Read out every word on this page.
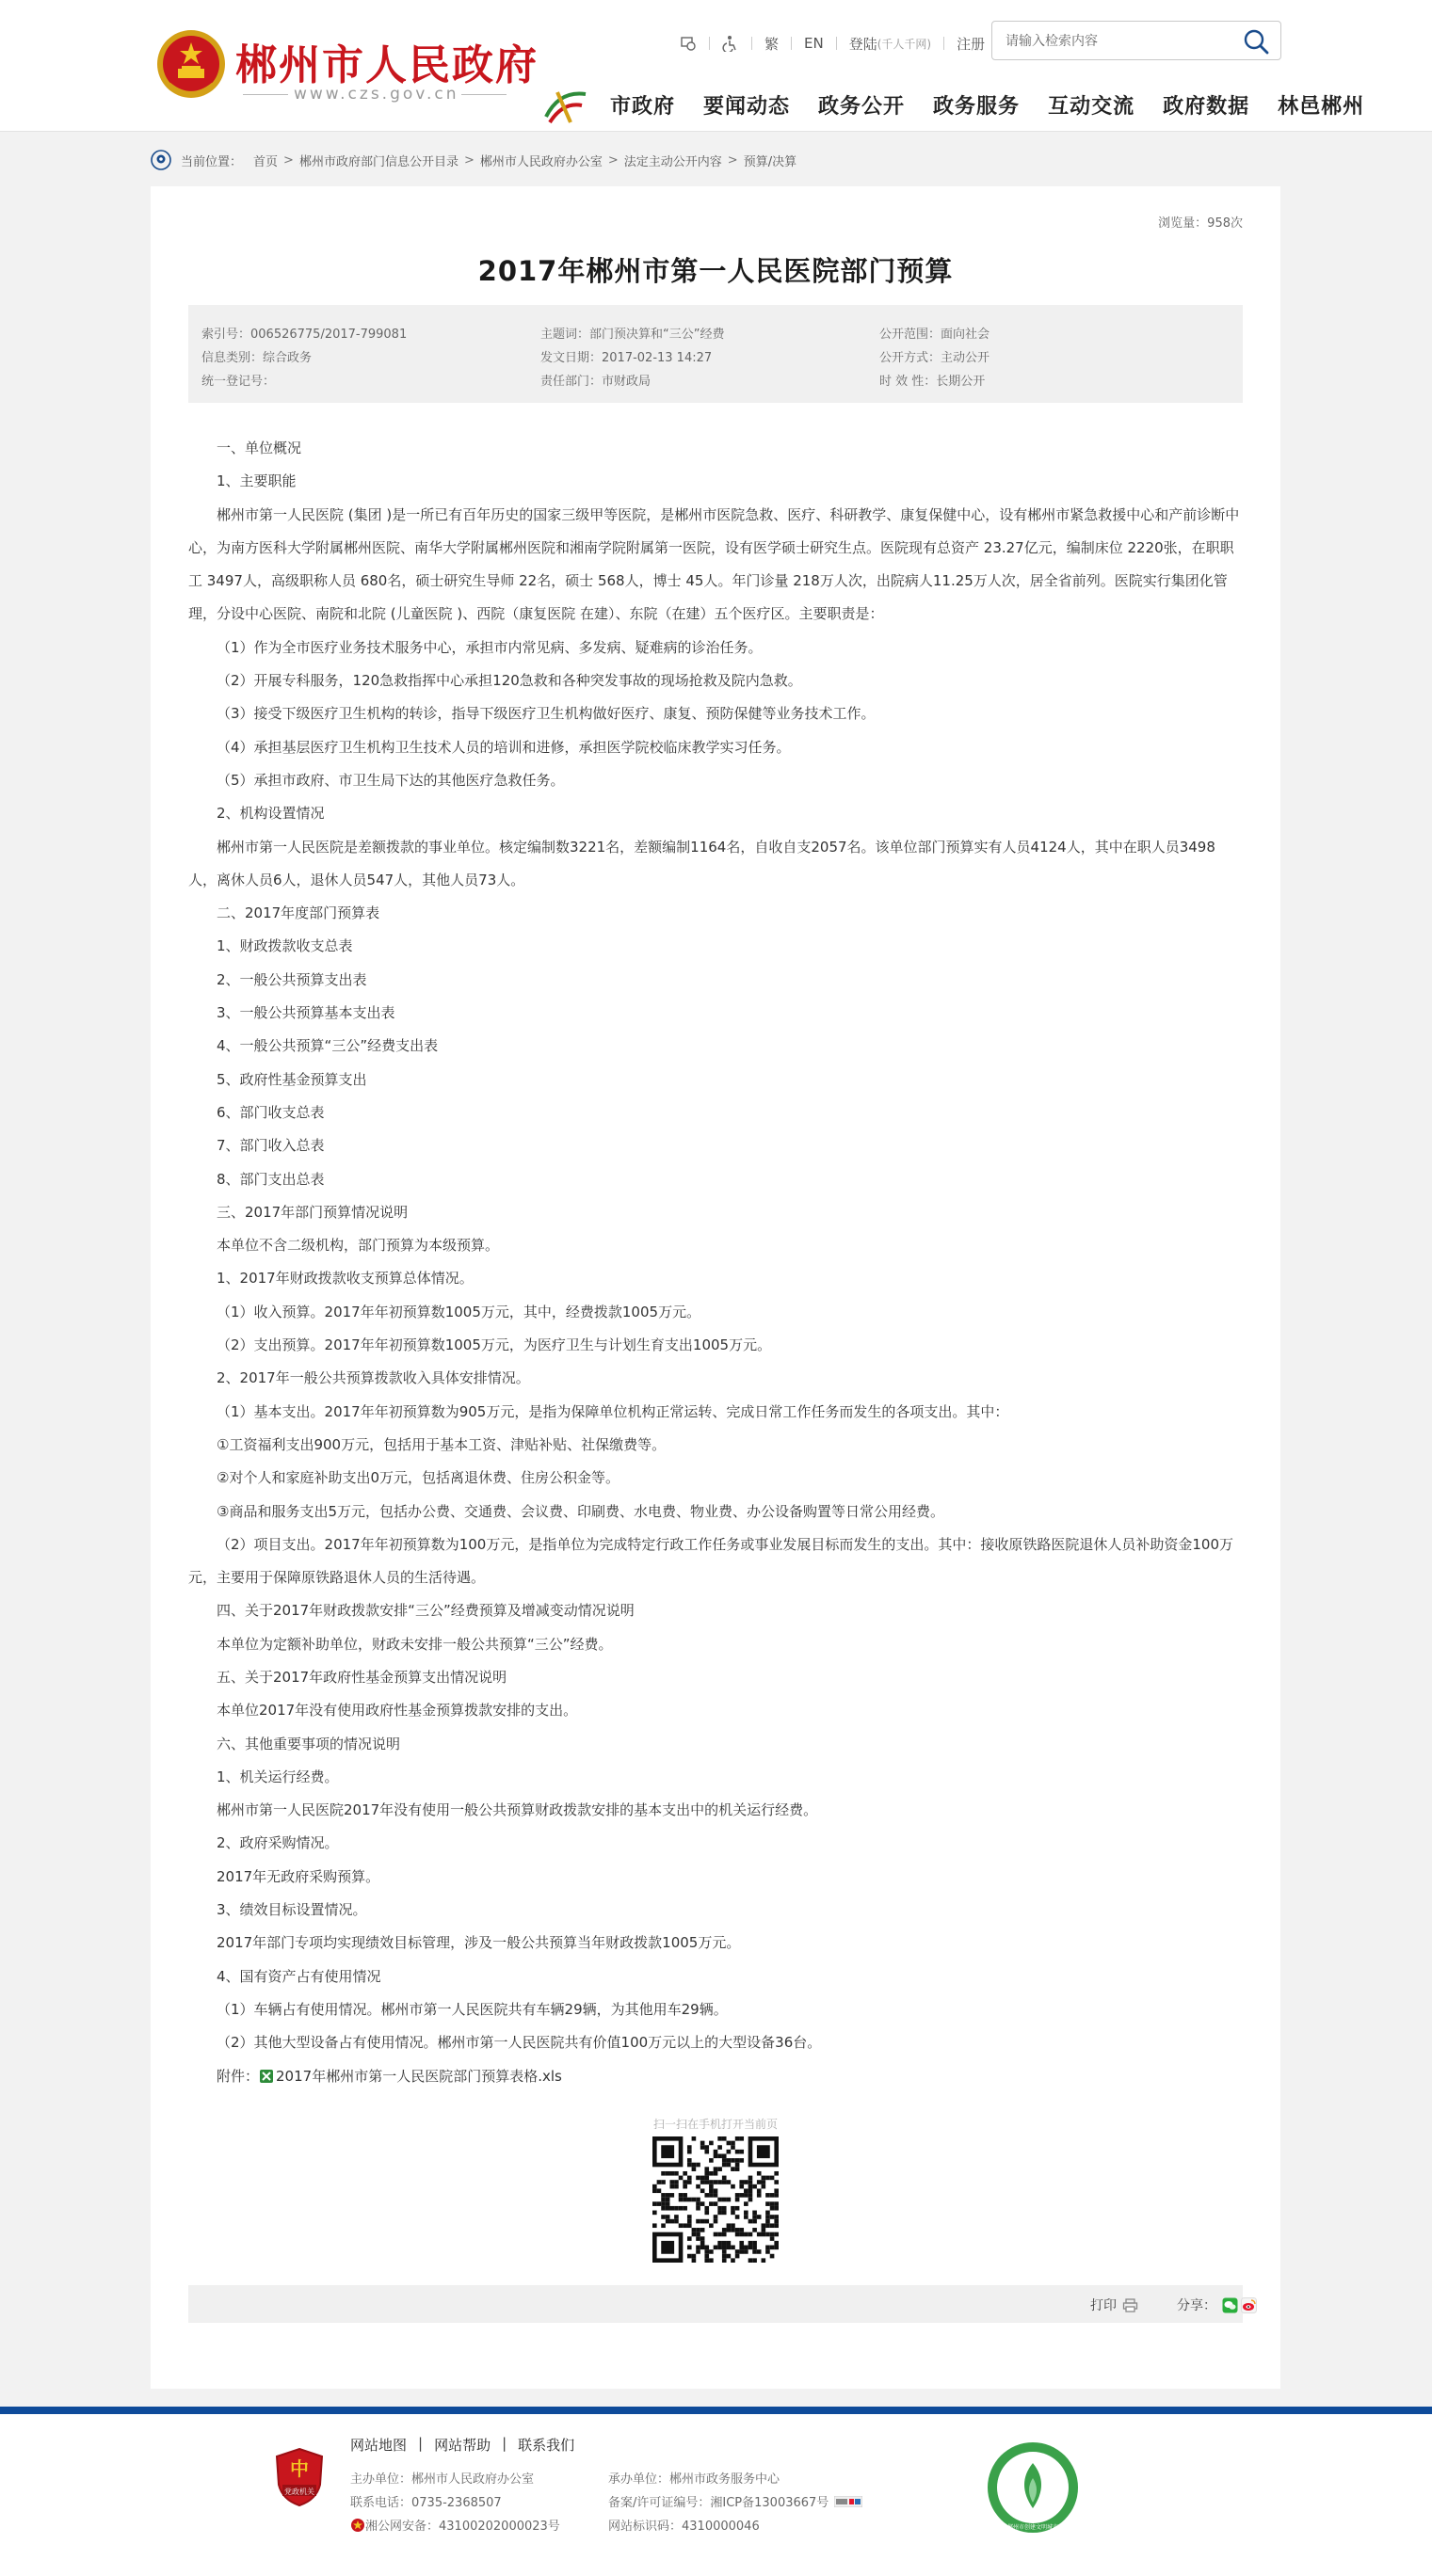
郴州市人民政府
www.czs.gov.cn
繁 EN 登陆 (千人千网) 注册
请输入检索内容
市政府 要闻动态 政务公开 政务服务 互动交流 政府数据 林邑郴州
当前位置： 首页 > 郴州市政府部门信息公开目录 > 郴州市人民政府办公室 > 法定主动公开内容 > 预算/决算
浏览量：958次
2017年郴州市第一人民医院部门预算
索引号：006526775/2017-799081
信息类别：综合政务
统一登记号：
主题词：部门预决算和“三公”经费
发文日期：2017-02-13 14:27
责任部门：市财政局
公开范围：面向社会
公开方式：主动公开
时 效 性：长期公开

一、单位概况

1、主要职能

郴州市第一人民医院 (集团 )是一所已有百年历史的国家三级甲等医院，是郴州市医院急救、医疗、科研教学、康复保健中心，设有郴州市紧急救援中心和产前诊断中心，为南方医科大学附属郴州医院、南华大学附属郴州医院和湘南学院附属第一医院，设有医学硕士研究生点。医院现有总资产 23.27亿元，编制床位 2220张，在职职工 3497人，高级职称人员 680名，硕士研究生导师 22名，硕士 568人，博士 45人。年门诊量 218万人次，出院病人11.25万人次，居全省前列。医院实行集团化管理，分设中心医院、南院和北院 (儿童医院 )、西院（康复医院 在建）、东院（在建）五个医疗区。主要职责是：

（1）作为全市医疗业务技术服务中心，承担市内常见病、多发病、疑难病的诊治任务。

（2）开展专科服务，120急救指挥中心承担120急救和各种突发事故的现场抢救及院内急救。

（3）接受下级医疗卫生机构的转诊，指导下级医疗卫生机构做好医疗、康复、预防保健等业务技术工作。

（4）承担基层医疗卫生机构卫生技术人员的培训和进修，承担医学院校临床教学实习任务。

（5）承担市政府、市卫生局下达的其他医疗急救任务。

2、机构设置情况

郴州市第一人民医院是差额拨款的事业单位。核定编制数3221名，差额编制1164名，自收自支2057名。该单位部门预算实有人员4124人，其中在职人员3498人，离休人员6人，退休人员547人，其他人员73人。

二、2017年度部门预算表

1、财政拨款收支总表

2、一般公共预算支出表

3、一般公共预算基本支出表

4、一般公共预算“三公”经费支出表

5、政府性基金预算支出

6、部门收支总表

7、部门收入总表

8、部门支出总表

三、2017年部门预算情况说明

本单位不含二级机构，部门预算为本级预算。

1、2017年财政拨款收支预算总体情况。

（1）收入预算。2017年年初预算数1005万元，其中，经费拨款1005万元。

（2）支出预算。2017年年初预算数1005万元，为医疗卫生与计划生育支出1005万元。

2、2017年一般公共预算拨款收入具体安排情况。

（1）基本支出。2017年年初预算数为905万元，是指为保障单位机构正常运转、完成日常工作任务而发生的各项支出。其中：

①工资福利支出900万元，包括用于基本工资、津贴补贴、社保缴费等。

②对个人和家庭补助支出0万元，包括离退休费、住房公积金等。

③商品和服务支出5万元，包括办公费、交通费、会议费、印刷费、水电费、物业费、办公设备购置等日常公用经费。

（2）项目支出。2017年年初预算数为100万元，是指单位为完成特定行政工作任务或事业发展目标而发生的支出。其中：接收原铁路医院退休人员补助资金100万元，主要用于保障原铁路退休人员的生活待遇。

四、关于2017年财政拨款安排“三公”经费预算及增减变动情况说明

本单位为定额补助单位，财政未安排一般公共预算“三公”经费。

五、关于2017年政府性基金预算支出情况说明

本单位2017年没有使用政府性基金预算拨款安排的支出。

六、其他重要事项的情况说明

1、机关运行经费。

郴州市第一人民医院2017年没有使用一般公共预算财政拨款安排的基本支出中的机关运行经费。

2、政府采购情况。

2017年无政府采购预算。

3、绩效目标设置情况。

2017年部门专项均实现绩效目标管理，涉及一般公共预算当年财政拨款1005万元。

4、国有资产占有使用情况

（1）车辆占有使用情况。郴州市第一人民医院共有车辆29辆，为其他用车29辆。

（2）其他大型设备占有使用情况。郴州市第一人民医院共有价值100万元以上的大型设备36台。

附件： 2017年郴州市第一人民医院部门预算表格.xls

扫一扫在手机打开当前页
打印	分享：
中
党政机关
网站地图 | 网站帮助 | 联系我们
主办单位：郴州市人民政府办公室
联系电话：0735-2368507
湘公网安备：43100202000023号
承办单位：郴州市政务服务中心
备案/许可证编号：湘ICP备13003667号
网站标识码：4310000046	郴州市创建文明城市
